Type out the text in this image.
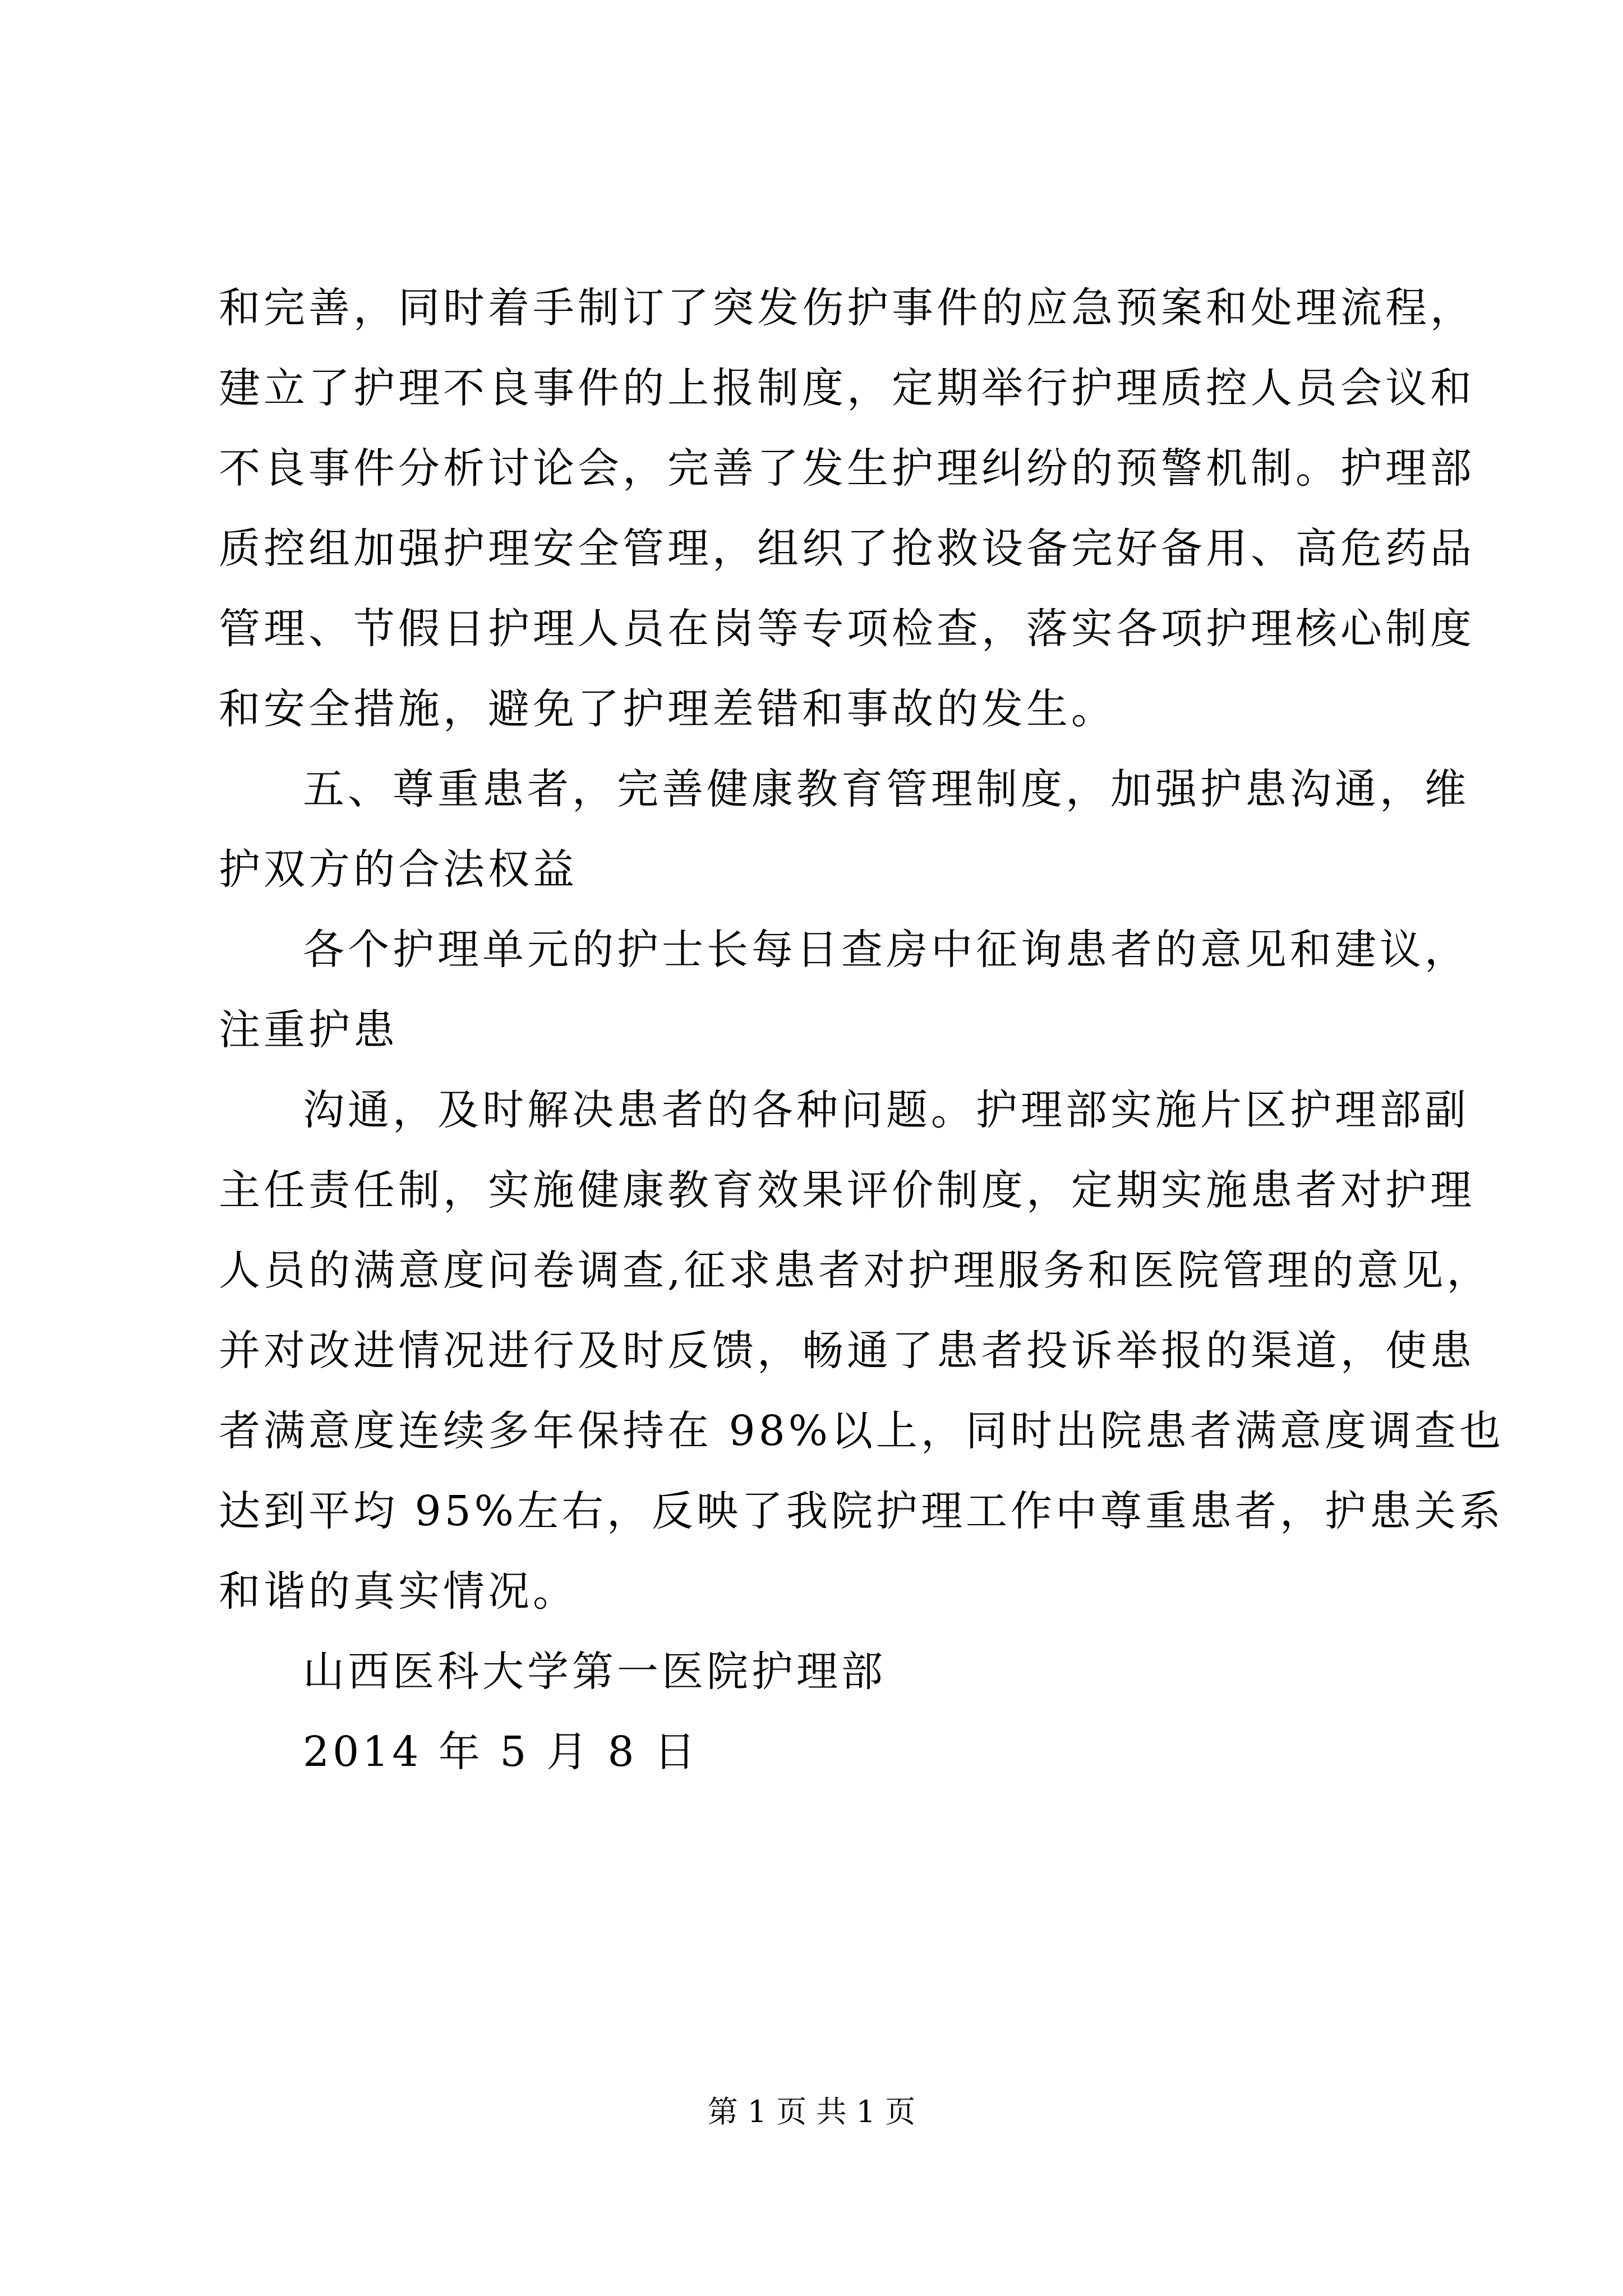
和完善，同时着手制订了突发伤护事件的应急预案和处理流程，
建立了护理不良事件的上报制度，定期举行护理质控人员会议和
不良事件分析讨论会，完善了发生护理纠纷的预警机制。护理部
质控组加强护理安全管理，组织了抢救设备完好备用、高危药品
管理、节假日护理人员在岗等专项检查，落实各项护理核心制度
和安全措施，避免了护理差错和事故的发生。
五、尊重患者，完善健康教育管理制度，加强护患沟通，维
护双方的合法权益
各个护理单元的护士长每日查房中征询患者的意见和建议，
注重护患
沟通，及时解决患者的各种问题。护理部实施片区护理部副
主任责任制，实施健康教育效果评价制度，定期实施患者对护理
人员的满意度问卷调查,征求患者对护理服务和医院管理的意见，
并对改进情况进行及时反馈，畅通了患者投诉举报的渠道，使患
者满意度连续多年保持在 98%以上，同时出院患者满意度调查也
达到平均 95%左右，反映了我院护理工作中尊重患者，护患关系
和谐的真实情况。
山西医科大学第一医院护理部
2014 年 5 月 8 日
第 1 页 共 1 页
